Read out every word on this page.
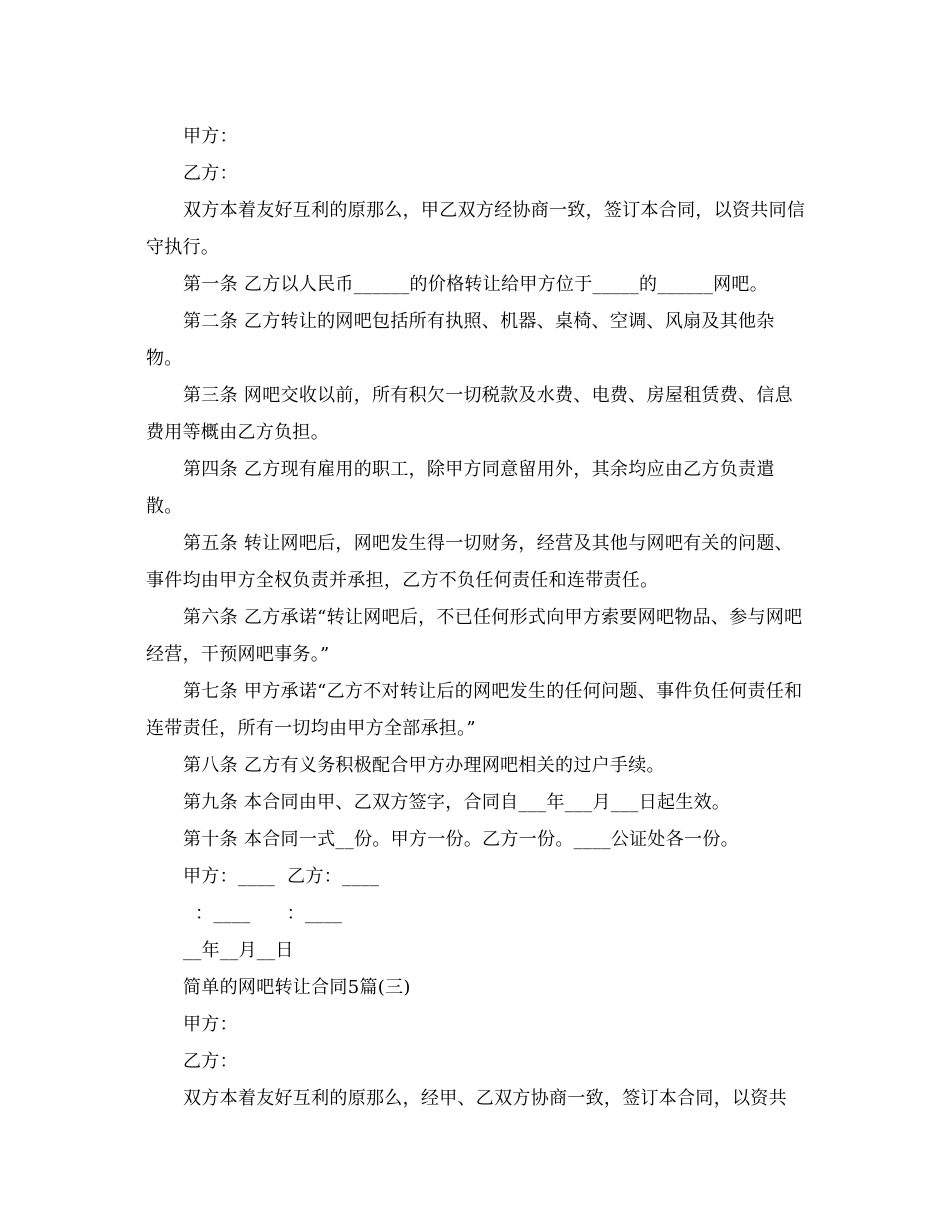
甲方：

乙方：

双方本着友好互利的原那么，甲乙双方经协商一致，签订本合同，以资共同信守执行。

第一条 乙方以人民币______的价格转让给甲方位于_____的______网吧。

第二条 乙方转让的网吧包括所有执照、机器、桌椅、空调、风扇及其他杂物。

第三条 网吧交收以前，所有积欠一切税款及水费、电费、房屋租赁费、信息费用等概由乙方负担。

第四条 乙方现有雇用的职工，除甲方同意留用外，其余均应由乙方负责遣散。

第五条 转让网吧后，网吧发生得一切财务，经营及其他与网吧有关的问题、事件均由甲方全权负责并承担，乙方不负任何责任和连带责任。

第六条 乙方承诺“转让网吧后，不已任何形式向甲方索要网吧物品、参与网吧经营，干预网吧事务。”

第七条 甲方承诺“乙方不对转让后的网吧发生的任何问题、事件负任何责任和连带责任，所有一切均由甲方全部承担。”

第八条 乙方有义务积极配合甲方办理网吧相关的过户手续。

第九条 本合同由甲、乙双方签字，合同自___年___月___日起生效。

第十条 本合同一式__份。甲方一份。乙方一份。____公证处各一份。

甲方：____  乙方：____

：____      ：____

__年__月__日

简单的网吧转让合同5篇(三)

甲方：

乙方：

双方本着友好互利的原那么，经甲、乙双方协商一致，签订本合同，以资共
